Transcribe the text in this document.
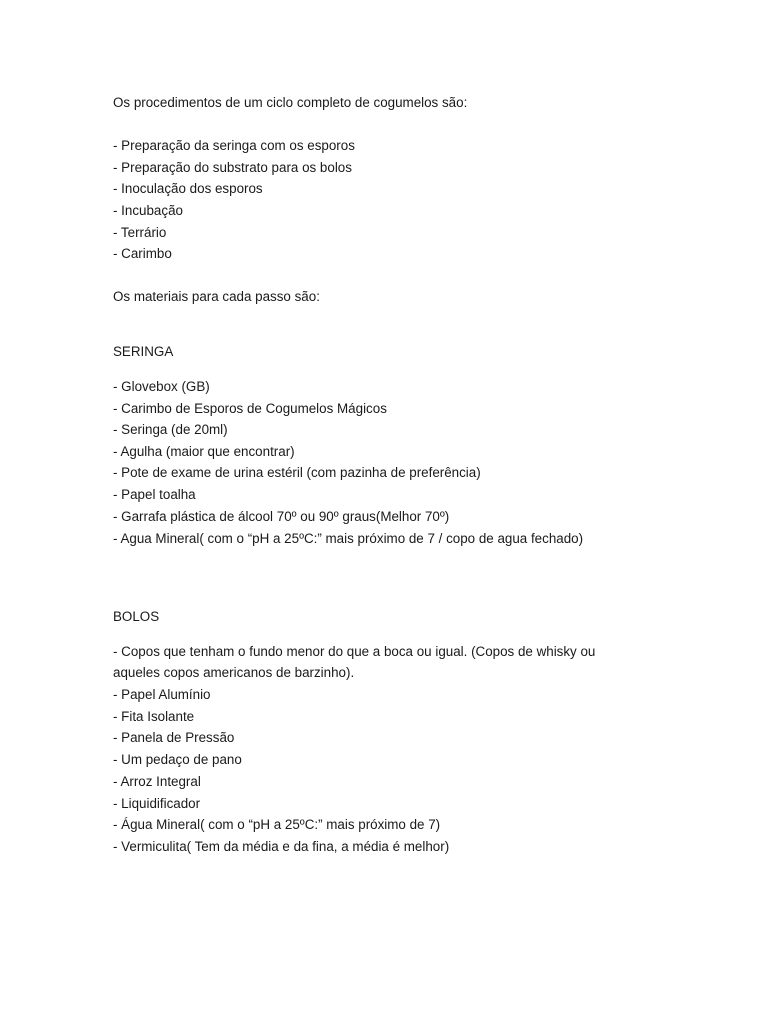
Os procedimentos de um ciclo completo de cogumelos são:
- Preparação da seringa com os esporos
- Preparação do substrato para os bolos
- Inoculação dos esporos
- Incubação
- Terrário
- Carimbo
Os materiais para cada passo são:
SERINGA
- Glovebox (GB)
- Carimbo de Esporos de Cogumelos Mágicos
- Seringa (de 20ml)
- Agulha (maior que encontrar)
- Pote de exame de urina estéril (com pazinha de preferência)
- Papel toalha
- Garrafa plástica de álcool 70º ou 90º graus(Melhor 70º)
- Agua Mineral( com o “pH a 25ºC:” mais próximo de 7 / copo de agua fechado)
BOLOS
- Copos que tenham o fundo menor do que a boca ou igual. (Copos de whisky ou
aqueles copos americanos de barzinho).
- Papel Alumínio
- Fita Isolante
- Panela de Pressão
- Um pedaço de pano
- Arroz Integral
- Liquidificador
- Água Mineral( com o “pH a 25ºC:” mais próximo de 7)
- Vermiculita( Tem da média e da fina, a média é melhor)
